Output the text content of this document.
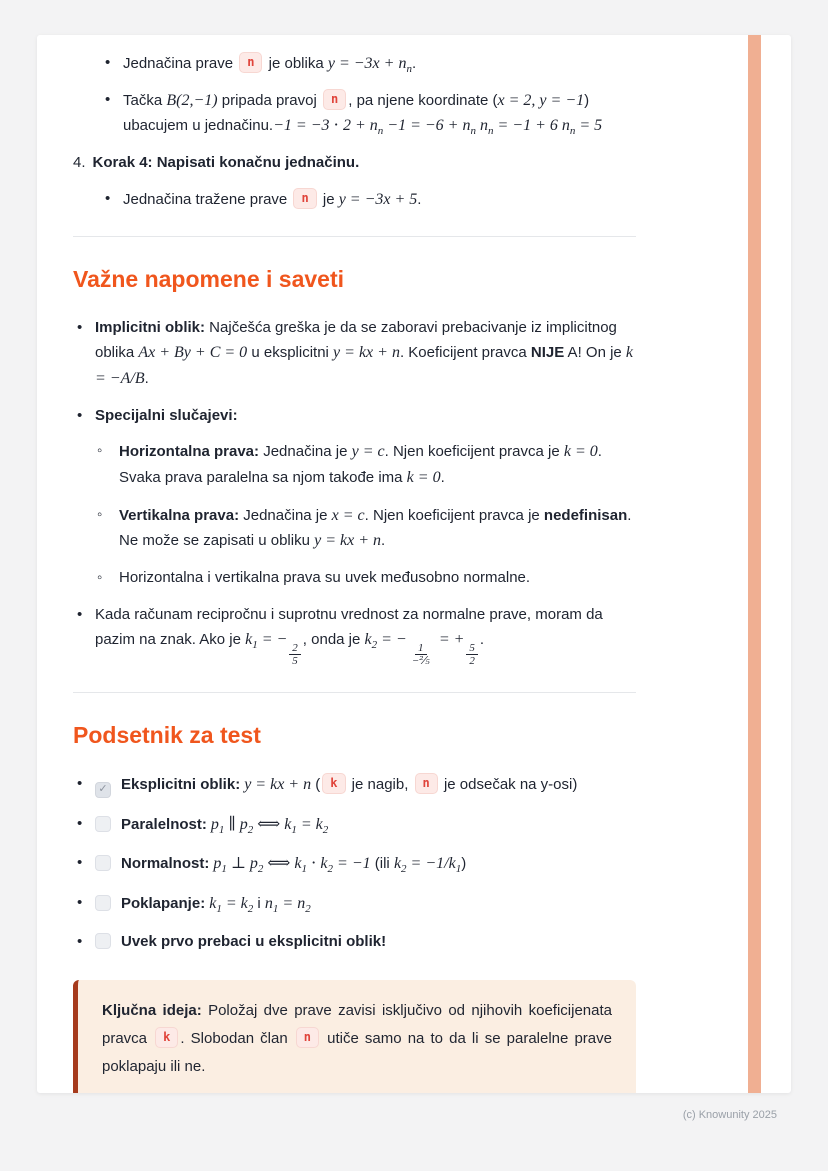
• Jednačina prave n je oblika $y = -3x + n_n$.
• Tačka B(2,−1) pripada pravoj n , pa njene koordinate (x = 2, y = −1) ubacujem u jednačinu.−1 = $-3 \cdot 2 + n_n -1 = -6 + n_n$ $n_n = -1 + 6$ $n_n = 5$
4. Korak 4: Napisati konačnu jednačinu.
• Jednačina tražene prave n je y = −3x + 5.
Važne napomene i saveti
• Implicitni oblik: Najčešća greška je da se zaboravi prebacivanje iz implicitnog oblika Ax + By + C = 0 u eksplicitni y = kx + n. Koeficijent pravca NIJE A! On je k = −A/B.
• Specijalni slučajevi:
◦ Horizontalna prava: Jednačina je y = c. Njen koeficijent pravca je k = 0. Svaka prava paralelna sa njom takođe ima k = 0.
◦ Vertikalna prava: Jednačina je x = c. Njen koeficijent pravca je nedefinisan. Ne može se zapisati u obliku y = kx + n.
◦ Horizontalna i vertikalna prava su uvek međusobno normalne.
• Kada računam recipročnu i suprotnu vrednost za normalne prave, moram da pazim na znak. Ako je $k_1$ = −
$\frac{2}{5}$
, onda je $k_2$ = −
$\frac{1}{\text{−⅖}}$
= +
$\frac{5}{2}$
.
Podsetnik za test
✓• Eksplicitni oblik: y = kx + n ( k je nagib, n je odsečak na y-osi)
• Paralelnost: $p_1$ ∥ $p_2$ ⟺ $k_1 = k_2$
• Normalnost: $p_1$ ⊥ $p_2$ ⟺ $k_1 \cdot k_2 = -1$ (ili $k_2 = -1/k_1$)
• Poklapanje: $k_1 = k_2$ i $n_1 = n_2$
• Uvek prvo prebaci u eksplicitni oblik!

Ključna ideja: Položaj dve prave zavisi isključivo od njihovih koeficijenata pravca k . Slobodan član n utiče samo na to da li se paralelne prave poklapaju ili ne.

(c) Knowunity 2025
